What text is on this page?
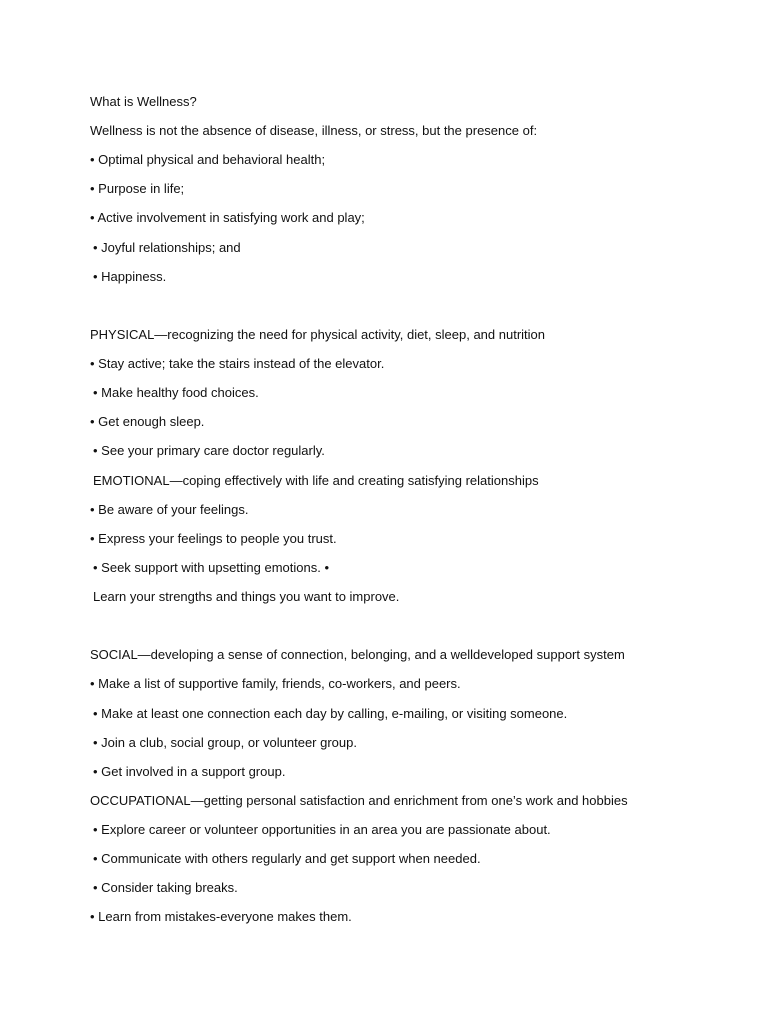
What is Wellness?
Wellness is not the absence of disease, illness, or stress, but the presence of:
• Optimal physical and behavioral health;
• Purpose in life;
• Active involvement in satisfying work and play;
• Joyful relationships; and
• Happiness.
PHYSICAL—recognizing the need for physical activity, diet, sleep, and nutrition
• Stay active; take the stairs instead of the elevator.
• Make healthy food choices.
• Get enough sleep.
• See your primary care doctor regularly.
EMOTIONAL—coping effectively with life and creating satisfying relationships
• Be aware of your feelings.
• Express your feelings to people you trust.
• Seek support with upsetting emotions. •
Learn your strengths and things you want to improve.
SOCIAL—developing a sense of connection, belonging, and a welldeveloped support system
• Make a list of supportive family, friends, co-workers, and peers.
• Make at least one connection each day by calling, e-mailing, or visiting someone.
• Join a club, social group, or volunteer group.
• Get involved in a support group.
OCCUPATIONAL—getting personal satisfaction and enrichment from one’s work and hobbies
• Explore career or volunteer opportunities in an area you are passionate about.
• Communicate with others regularly and get support when needed.
• Consider taking breaks.
• Learn from mistakes-everyone makes them.
